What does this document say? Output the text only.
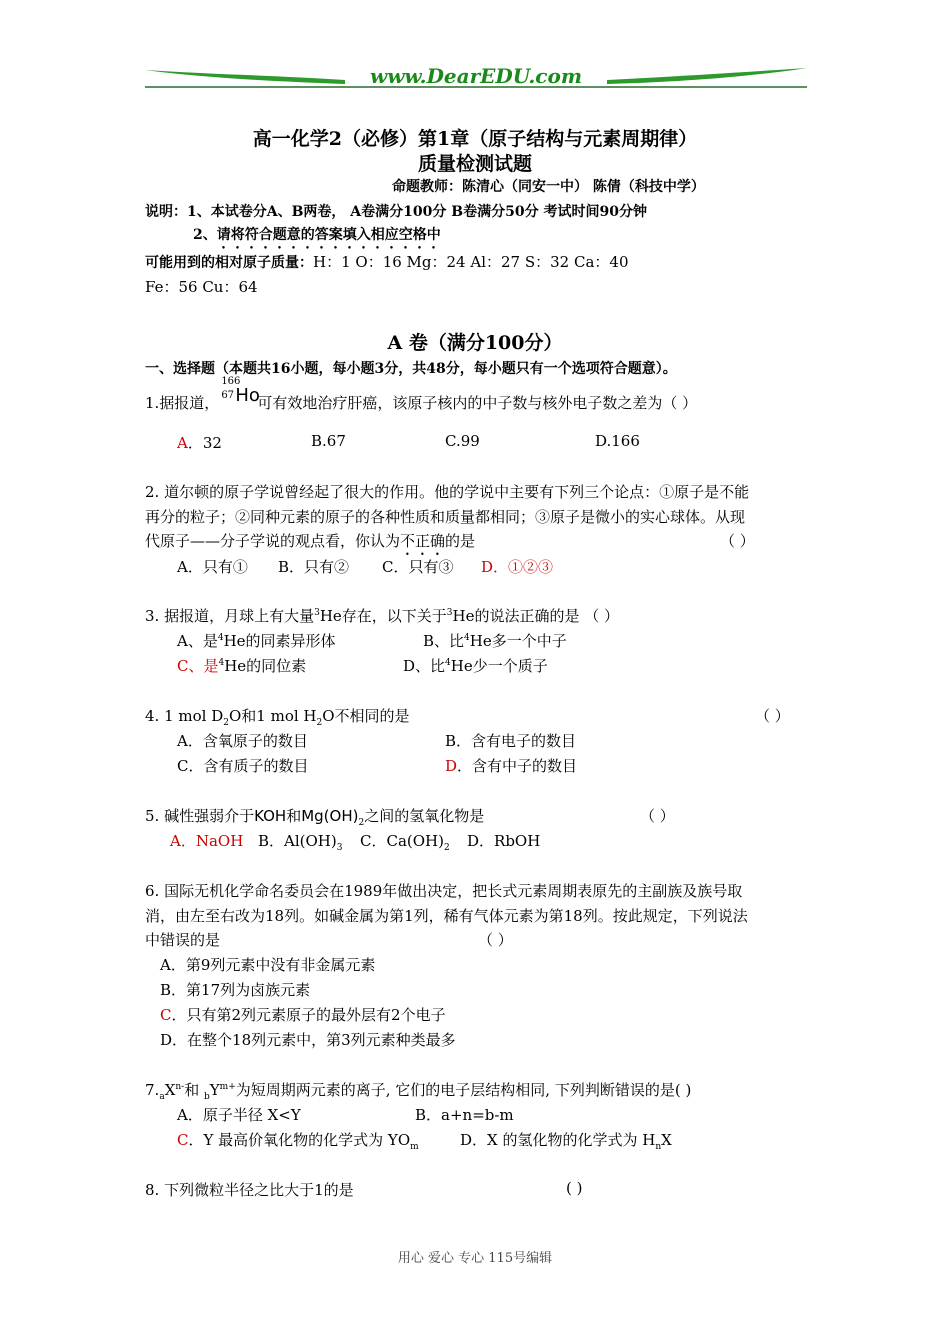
www.DearEDU.com
高一化学2（必修）第1章（原子结构与元素周期律）
质量检测试题
命题教师：陈清心（同安一中） 陈倩（科技中学）
说明：1、本试卷分A、B两卷， A卷满分100分 B卷满分50分 考试时间90分钟
2、请将符合题意的答案填入相应空格中
可能用到的相对原子质量：H：1 O：16 Mg：24 Al：27 S：32 Ca：40
Fe：56 Cu：64
A 卷（满分100分）
一、选择题（本题共16小题，每小题3分，共48分，每小题只有一个选项符合题意）。
1.据报道，
166
67 Ho
可有效地治疗肝癌，该原子核内的中子数与核外电子数之差为（ ）
A．32	B.67	C.99	D.166
2. 道尔顿的原子学说曾经起了很大的作用。他的学说中主要有下列三个论点：①原子是不能
再分的粒子；②同种元素的原子的各种性质和质量都相同；③原子是微小的实心球体。从现
代原子——分子学说的观点看，你认为不正确的是	（ ）
A．只有① B．只有② C．只有③ D．①②③
3. 据报道，月球上有大量$^3$He存在，以下关于$^3$He的说法正确的是 （ ）
A、是$^4$He的同素异形体	B、比$^4$He多一个中子
C、是$^4$He的同位素	D、比$^4$He少一个质子
4. 1 mol $D_2O$和1 mol $H_2O$不相同的是	（ ）
A．含氧原子的数目	B．含有电子的数目
C．含有质子的数目	D．含有中子的数目
5. 碱性强弱介于KOH和$Mg(OH)_2$之间的氢氧化物是	（ ）
A．NaOH B．$Al(OH)_3$ C．$Ca(OH)_2$ D．RbOH
6. 国际无机化学命名委员会在1989年做出决定，把长式元素周期表原先的主副族及族号取
消，由左至右改为18列。如碱金属为第1列，稀有气体元素为第18列。按此规定，下列说法
中错误的是	（ ）
A．第9列元素中没有非金属元素
B．第17列为卤族元素
C．只有第2列元素原子的最外层有2个电子
D．在整个18列元素中，第3列元素种类最多
$7._aX^{n-}$和 $_bY^{m+}$为短周期两元素的离子, 它们的电子层结构相同, 下列判断错误的是( )
A．原子半径 X<Y	B．a+n=b-m
C．Y 最高价氧化物的化学式为 $YO_m$	D．X 的氢化物的化学式为 $H_nX$
8. 下列微粒半径之比大于1的是	( )
用心 爱心 专心 115号编辑
